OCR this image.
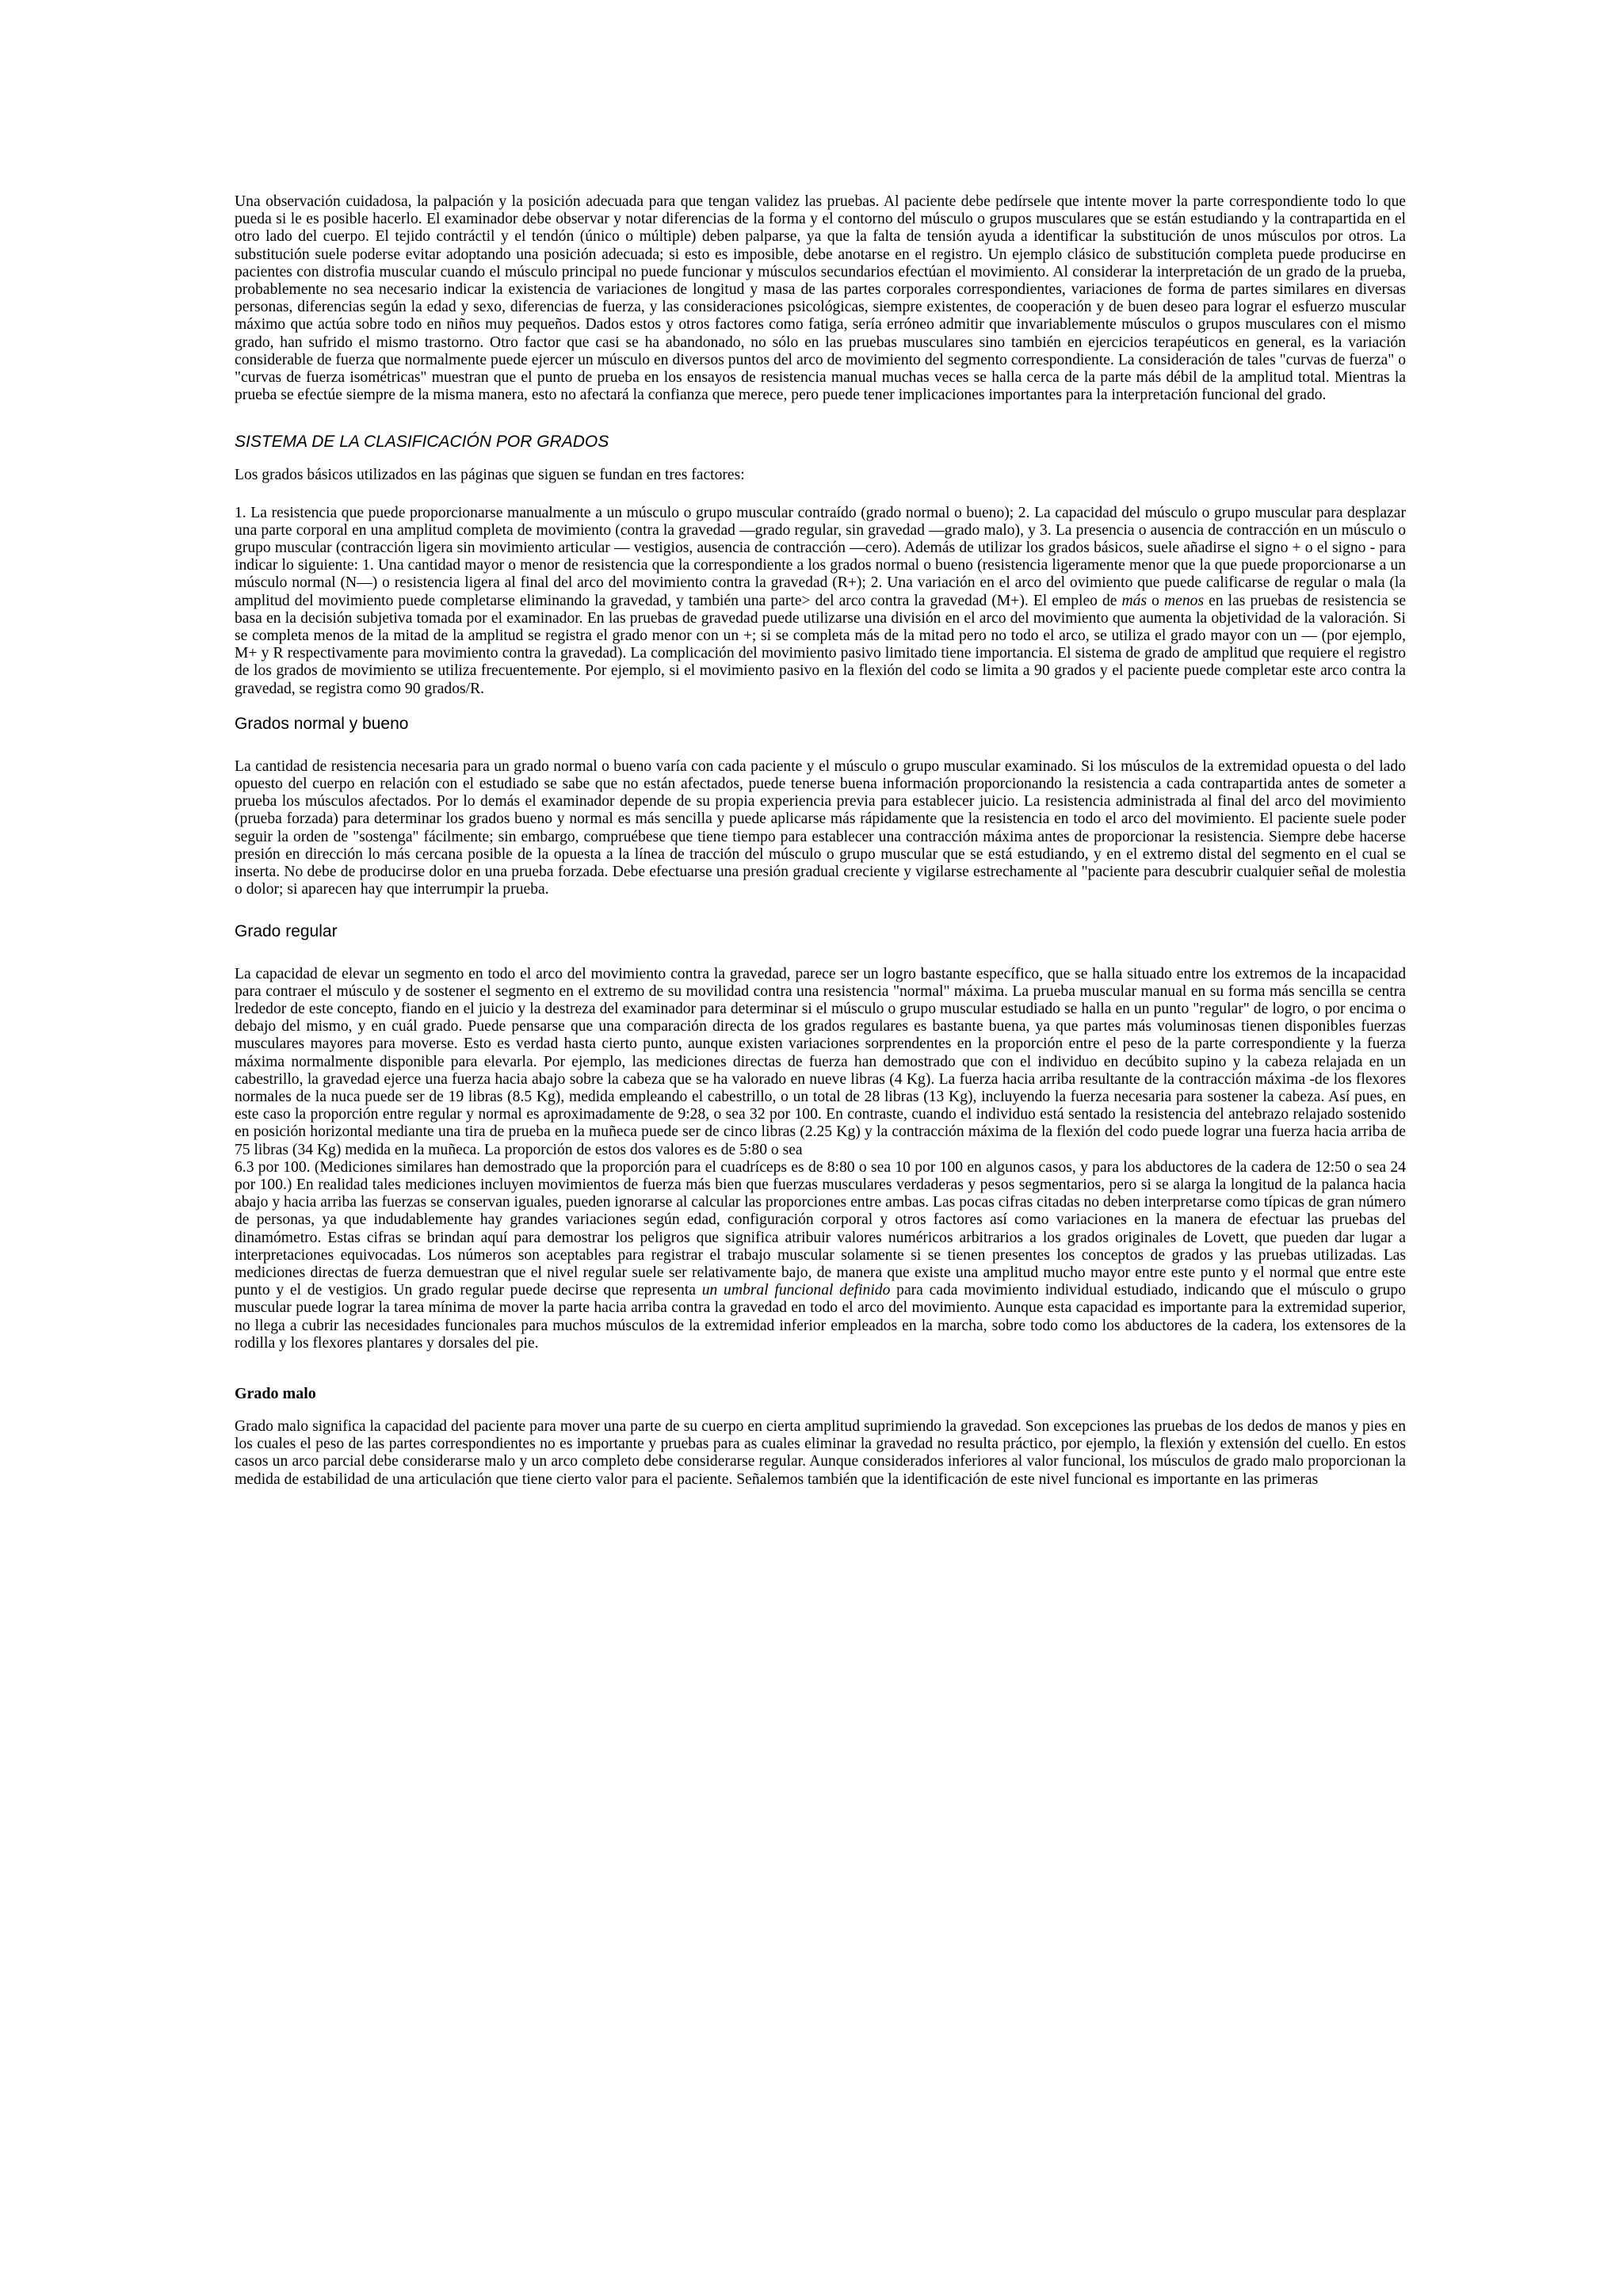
Una observación cuidadosa, la palpación y la posición adecuada para que tengan validez las pruebas. Al paciente debe pedírsele que intente mover la parte correspondiente todo lo que pueda si le es posible hacerlo. El examinador debe observar y notar diferencias de la forma y el contorno del músculo o grupos musculares que se están estudiando y la contrapartida en el otro lado del cuerpo. El tejido contráctil y el tendón (único o múltiple) deben palparse, ya que la falta de tensión ayuda a identificar la substitución de unos músculos por otros. La substitución suele poderse evitar adoptando una posición adecuada; si esto es imposible, debe anotarse en el registro. Un ejemplo clásico de substitución completa puede producirse en pacientes con distrofia muscular cuando el músculo principal no puede funcionar y músculos secundarios efectúan el movimiento. Al considerar la interpretación de un grado de la prueba, probablemente no sea necesario indicar la existencia de variaciones de longitud y masa de las partes corporales correspondientes, variaciones de forma de partes similares en diversas personas, diferencias según la edad y sexo, diferencias de fuerza, y las consideraciones psicológicas, siempre existentes, de cooperación y de buen deseo para lograr el esfuerzo muscular máximo que actúa sobre todo en niños muy pequeños. Dados estos y otros factores como fatiga, sería erróneo admitir que invariablemente músculos o grupos musculares con el mismo grado, han sufrido el mismo trastorno. Otro factor que casi se ha abandonado, no sólo en las pruebas musculares sino también en ejercicios terapéuticos en general, es la variación considerable de fuerza que normalmente puede ejercer un músculo en diversos puntos del arco de movimiento del segmento correspondiente. La consideración de tales "curvas de fuerza" o "curvas de fuerza isométricas" muestran que el punto de prueba en los ensayos de resistencia manual muchas veces se halla cerca de la parte más débil de la amplitud total. Mientras la prueba se efectúe siempre de la misma manera, esto no afectará la confianza que merece, pero puede tener implicaciones importantes para la interpretación funcional del grado.

SISTEMA DE LA CLASIFICACIÓN POR GRADOS

Los grados básicos utilizados en las páginas que siguen se fundan en tres factores:

1. La resistencia que puede proporcionarse manualmente a un músculo o grupo muscular contraído (grado normal o bueno); 2. La capacidad del músculo o grupo muscular para desplazar una parte corporal en una amplitud completa de movimiento (contra la gravedad —grado regular, sin gravedad —grado malo), y 3. La presencia o ausencia de contracción en un músculo o grupo muscular (contracción ligera sin movimiento articular — vestigios, ausencia de contracción —cero). Además de utilizar los grados básicos, suele añadirse el signo + o el signo - para indicar lo siguiente: 1. Una cantidad mayor o menor de resistencia que la correspondiente a los grados normal o bueno (resistencia ligeramente menor que la que puede proporcionarse a un músculo normal (N—) o resistencia ligera al final del arco del movimiento contra la gravedad (R+); 2. Una variación en el arco del ovimiento que puede calificarse de regular o mala (la amplitud del movimiento puede completarse eliminando la gravedad, y también una parte> del arco contra la gravedad (M+). El empleo de más o menos en las pruebas de resistencia se basa en la decisión subjetiva tomada por el examinador. En las pruebas de gravedad puede utilizarse una división en el arco del movimiento que aumenta la objetividad de la valoración. Si se completa menos de la mitad de la amplitud se registra el grado menor con un +; si se completa más de la mitad pero no todo el arco, se utiliza el grado mayor con un — (por ejemplo, M+ y R respectivamente para movimiento contra la gravedad). La complicación del movimiento pasivo limitado tiene importancia. El sistema de grado de amplitud que requiere el registro de los grados de movimiento se utiliza frecuentemente. Por ejemplo, si el movimiento pasivo en la flexión del codo se limita a 90 grados y el paciente puede completar este arco contra la gravedad, se registra como 90 grados/R.

Grados normal y bueno

La cantidad de resistencia necesaria para un grado normal o bueno varía con cada paciente y el músculo o grupo muscular examinado. Si los músculos de la extremidad opuesta o del lado opuesto del cuerpo en relación con el estudiado se sabe que no están afectados, puede tenerse buena información proporcionando la resistencia a cada contrapartida antes de someter a prueba los músculos afectados. Por lo demás el examinador depende de su propia experiencia previa para establecer juicio. La resistencia administrada al final del arco del movimiento (prueba forzada) para determinar los grados bueno y normal es más sencilla y puede aplicarse más rápidamente que la resistencia en todo el arco del movimiento. El paciente suele poder seguir la orden de "sostenga" fácilmente; sin embargo, compruébese que tiene tiempo para establecer una contracción máxima antes de proporcionar la resistencia. Siempre debe hacerse presión en dirección lo más cercana posible de la opuesta a la línea de tracción del músculo o grupo muscular que se está estudiando, y en el extremo distal del segmento en el cual se inserta. No debe de producirse dolor en una prueba forzada. Debe efectuarse una presión gradual creciente y vigilarse estrechamente al "paciente para descubrir cualquier señal de molestia o dolor; si aparecen hay que interrumpir la prueba.

Grado regular

La capacidad de elevar un segmento en todo el arco del movimiento contra la gravedad, parece ser un logro bastante específico, que se halla situado entre los extremos de la incapacidad para contraer el músculo y de sostener el segmento en el extremo de su movilidad contra una resistencia "normal" máxima. La prueba muscular manual en su forma más sencilla se centra lrededor de este concepto, fiando en el juicio y la destreza del examinador para determinar si el músculo o grupo muscular estudiado se halla en un punto "regular" de logro, o por encima o debajo del mismo, y en cuál grado. Puede pensarse que una comparación directa de los grados regulares es bastante buena, ya que partes más voluminosas tienen disponibles fuerzas musculares mayores para moverse. Esto es verdad hasta cierto punto, aunque existen variaciones sorprendentes en la proporción entre el peso de la parte correspondiente y la fuerza máxima normalmente disponible para elevarla. Por ejemplo, las mediciones directas de fuerza han demostrado que con el individuo en decúbito supino y la cabeza relajada en un cabestrillo, la gravedad ejerce una fuerza hacia abajo sobre la cabeza que se ha valorado en nueve libras (4 Kg). La fuerza hacia arriba resultante de la contracción máxima -de los flexores normales de la nuca puede ser de 19 libras (8.5 Kg), medida empleando el cabestrillo, o un total de 28 libras (13 Kg), incluyendo la fuerza necesaria para sostener la cabeza. Así pues, en este caso la proporción entre regular y normal es aproximadamente de 9:28, o sea 32 por 100. En contraste, cuando el individuo está sentado la resistencia del antebrazo relajado sostenido en posición horizontal mediante una tira de prueba en la muñeca puede ser de cinco libras (2.25 Kg) y la contracción máxima de la flexión del codo puede lograr una fuerza hacia arriba de 75 libras (34 Kg) medida en la muñeca. La proporción de estos dos valores es de 5:80 o sea

6.3 por 100. (Mediciones similares han demostrado que la proporción para el cuadríceps es de 8:80 o sea 10 por 100 en algunos casos, y para los abductores de la cadera de 12:50 o sea 24 por 100.) En realidad tales mediciones incluyen movimientos de fuerza más bien que fuerzas musculares verdaderas y pesos segmentarios, pero si se alarga la longitud de la palanca hacia abajo y hacia arriba las fuerzas se conservan iguales, pueden ignorarse al calcular las proporciones entre ambas. Las pocas cifras citadas no deben interpretarse como típicas de gran número de personas, ya que indudablemente hay grandes variaciones según edad, configuración corporal y otros factores así como variaciones en la manera de efectuar las pruebas del dinamómetro. Estas cifras se brindan aquí para demostrar los peligros que significa atribuir valores numéricos arbitrarios a los grados originales de Lovett, que pueden dar lugar a interpretaciones equivocadas. Los números son aceptables para registrar el trabajo muscular solamente si se tienen presentes los conceptos de grados y las pruebas utilizadas. Las mediciones directas de fuerza demuestran que el nivel regular suele ser relativamente bajo, de manera que existe una amplitud mucho mayor entre este punto y el normal que entre este punto y el de vestigios. Un grado regular puede decirse que representa un umbral funcional definido para cada movimiento individual estudiado, indicando que el músculo o grupo muscular puede lograr la tarea mínima de mover la parte hacia arriba contra la gravedad en todo el arco del movimiento. Aunque esta capacidad es importante para la extremidad superior, no llega a cubrir las necesidades funcionales para muchos músculos de la extremidad inferior empleados en la marcha, sobre todo como los abductores de la cadera, los extensores de la rodilla y los flexores plantares y dorsales del pie.

Grado malo

Grado malo significa la capacidad del paciente para mover una parte de su cuerpo en cierta amplitud suprimiendo la gravedad. Son excepciones las pruebas de los dedos de manos y pies en los cuales el peso de las partes correspondientes no es importante y pruebas para as cuales eliminar la gravedad no resulta práctico, por ejemplo, la flexión y extensión del cuello. En estos casos un arco parcial debe considerarse malo y un arco completo debe considerarse regular. Aunque considerados inferiores al valor funcional, los músculos de grado malo proporcionan la medida de estabilidad de una articulación que tiene cierto valor para el paciente. Señalemos también que la identificación de este nivel funcional es importante en las primeras
